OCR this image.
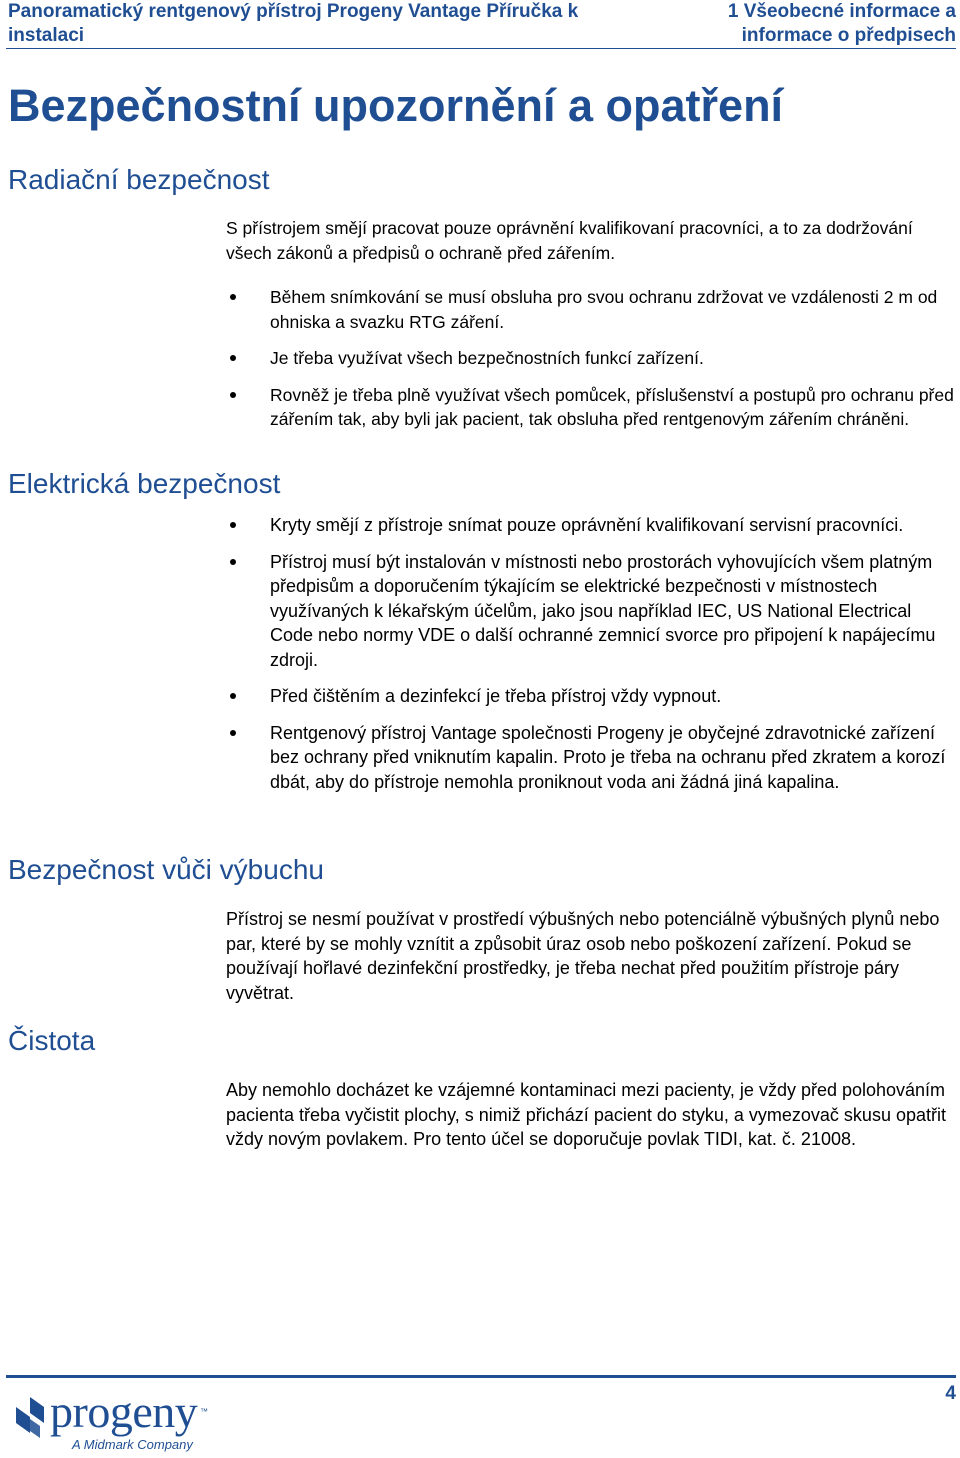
Panoramatický rentgenový přístroj Progeny Vantage Příručka k instalaci
1 Všeobecné informace a informace o předpisech
Bezpečnostní upozornění a opatření
Radiační bezpečnost
S přístrojem smějí pracovat pouze oprávnění kvalifikovaní pracovníci, a to za dodržování všech zákonů a předpisů o ochraně před zářením.
Během snímkování se musí obsluha pro svou ochranu zdržovat ve vzdálenosti 2 m od ohniska a svazku RTG záření.
Je třeba využívat všech bezpečnostních funkcí zařízení.
Rovněž je třeba plně využívat všech pomůcek, příslušenství a postupů pro ochranu před zářením tak, aby byli jak pacient, tak obsluha před rentgenovým zářením chráněni.
Elektrická bezpečnost
Kryty smějí z přístroje snímat pouze oprávnění kvalifikovaní servisní pracovníci.
Přístroj musí být instalován v místnosti nebo prostorách vyhovujících všem platným předpisům a doporučením týkajícím se elektrické bezpečnosti v místnostech využívaných k lékařským účelům, jako jsou například IEC, US National Electrical Code nebo normy VDE o další ochranné zemnicí svorce pro připojení k napájecímu zdroji.
Před čištěním a dezinfekcí je třeba přístroj vždy vypnout.
Rentgenový přístroj Vantage společnosti Progeny je obyčejné zdravotnické zařízení bez ochrany před vniknutím kapalin. Proto je třeba na ochranu před zkratem a korozí dbát, aby do přístroje nemohla proniknout voda ani žádná jiná kapalina.
Bezpečnost vůči výbuchu
Přístroj se nesmí používat v prostředí výbušných nebo potenciálně výbušných plynů nebo par, které by se mohly vznítit a způsobit úraz osob nebo poškození zařízení. Pokud se používají hořlavé dezinfekční prostředky, je třeba nechat před použitím přístroje páry vyvětrat.
Čistota
Aby nemohlo docházet ke vzájemné kontaminaci mezi pacienty, je vždy před polohováním pacienta třeba vyčistit plochy, s nimiž přichází pacient do styku, a vymezovač skusu opatřit vždy novým povlakem. Pro tento účel se doporučuje povlak TIDI, kat. č. 21008.
4
progeny ™
A Midmark Company
